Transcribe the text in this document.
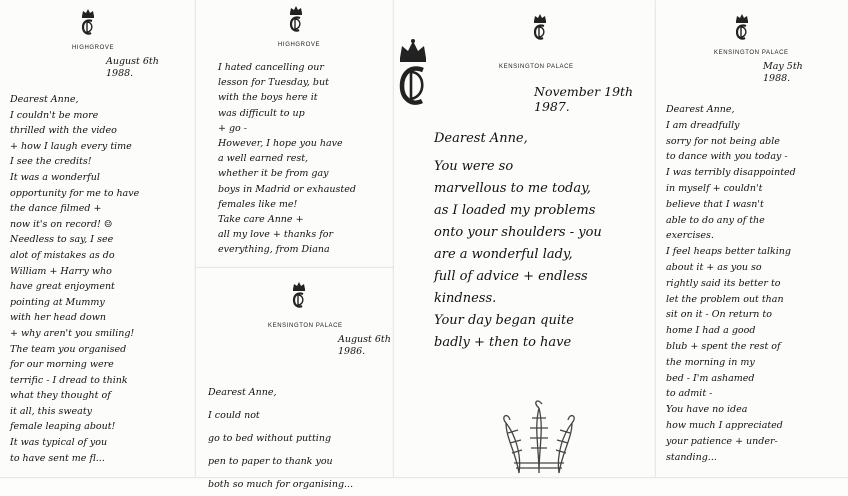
HIGHGROVE
August 6th
1988.

Dearest Anne,

I couldn't be more

thrilled with the video

+ how I laugh every time

I see the credits!

It was a wonderful

opportunity for me to have

the dance filmed +

now it's on record! ☺

Needless to say, I see

alot of mistakes as do

William + Harry who

have great enjoyment

pointing at Mummy

with her head down

+ why aren't you smiling!

The team you organised

for our morning were

terrific - I dread to think

what they thought of

it all, this sweaty

female leaping about!

It was typical of you

to have sent me fl...

HIGHGROVE

I hated cancelling our

lesson for Tuesday, but

with the boys here it

was difficult to up

+ go -

However, I hope you have

a well earned rest,

whether it be from gay

boys in Madrid or exhausted

females like me!

Take care Anne +

all my love + thanks for

everything, from Diana

KENSINGTON PALACE
August 6th
1986.

Dearest Anne,

I could not

go to bed without putting

pen to paper to thank you

both so much for organising...

KENSINGTON PALACE
November 19th
1987.

Dearest Anne,

You were so

marvellous to me today,

as I loaded my problems

onto your shoulders - you

are a wonderful lady,

full of advice + endless

kindness.

Your day began quite

badly + then to have

KENSINGTON PALACE
May 5th
1988.

Dearest Anne,

I am dreadfully

sorry for not being able

to dance with you today -

I was terribly disappointed

in myself + couldn't

believe that I wasn't

able to do any of the

exercises.

I feel heaps better talking

about it + as you so

rightly said its better to

let the problem out than

sit on it - On return to

home I had a good

blub + spent the rest of

the morning in my

bed - I'm ashamed

to admit -

You have no idea

how much I appreciated

your patience + under-

standing...
